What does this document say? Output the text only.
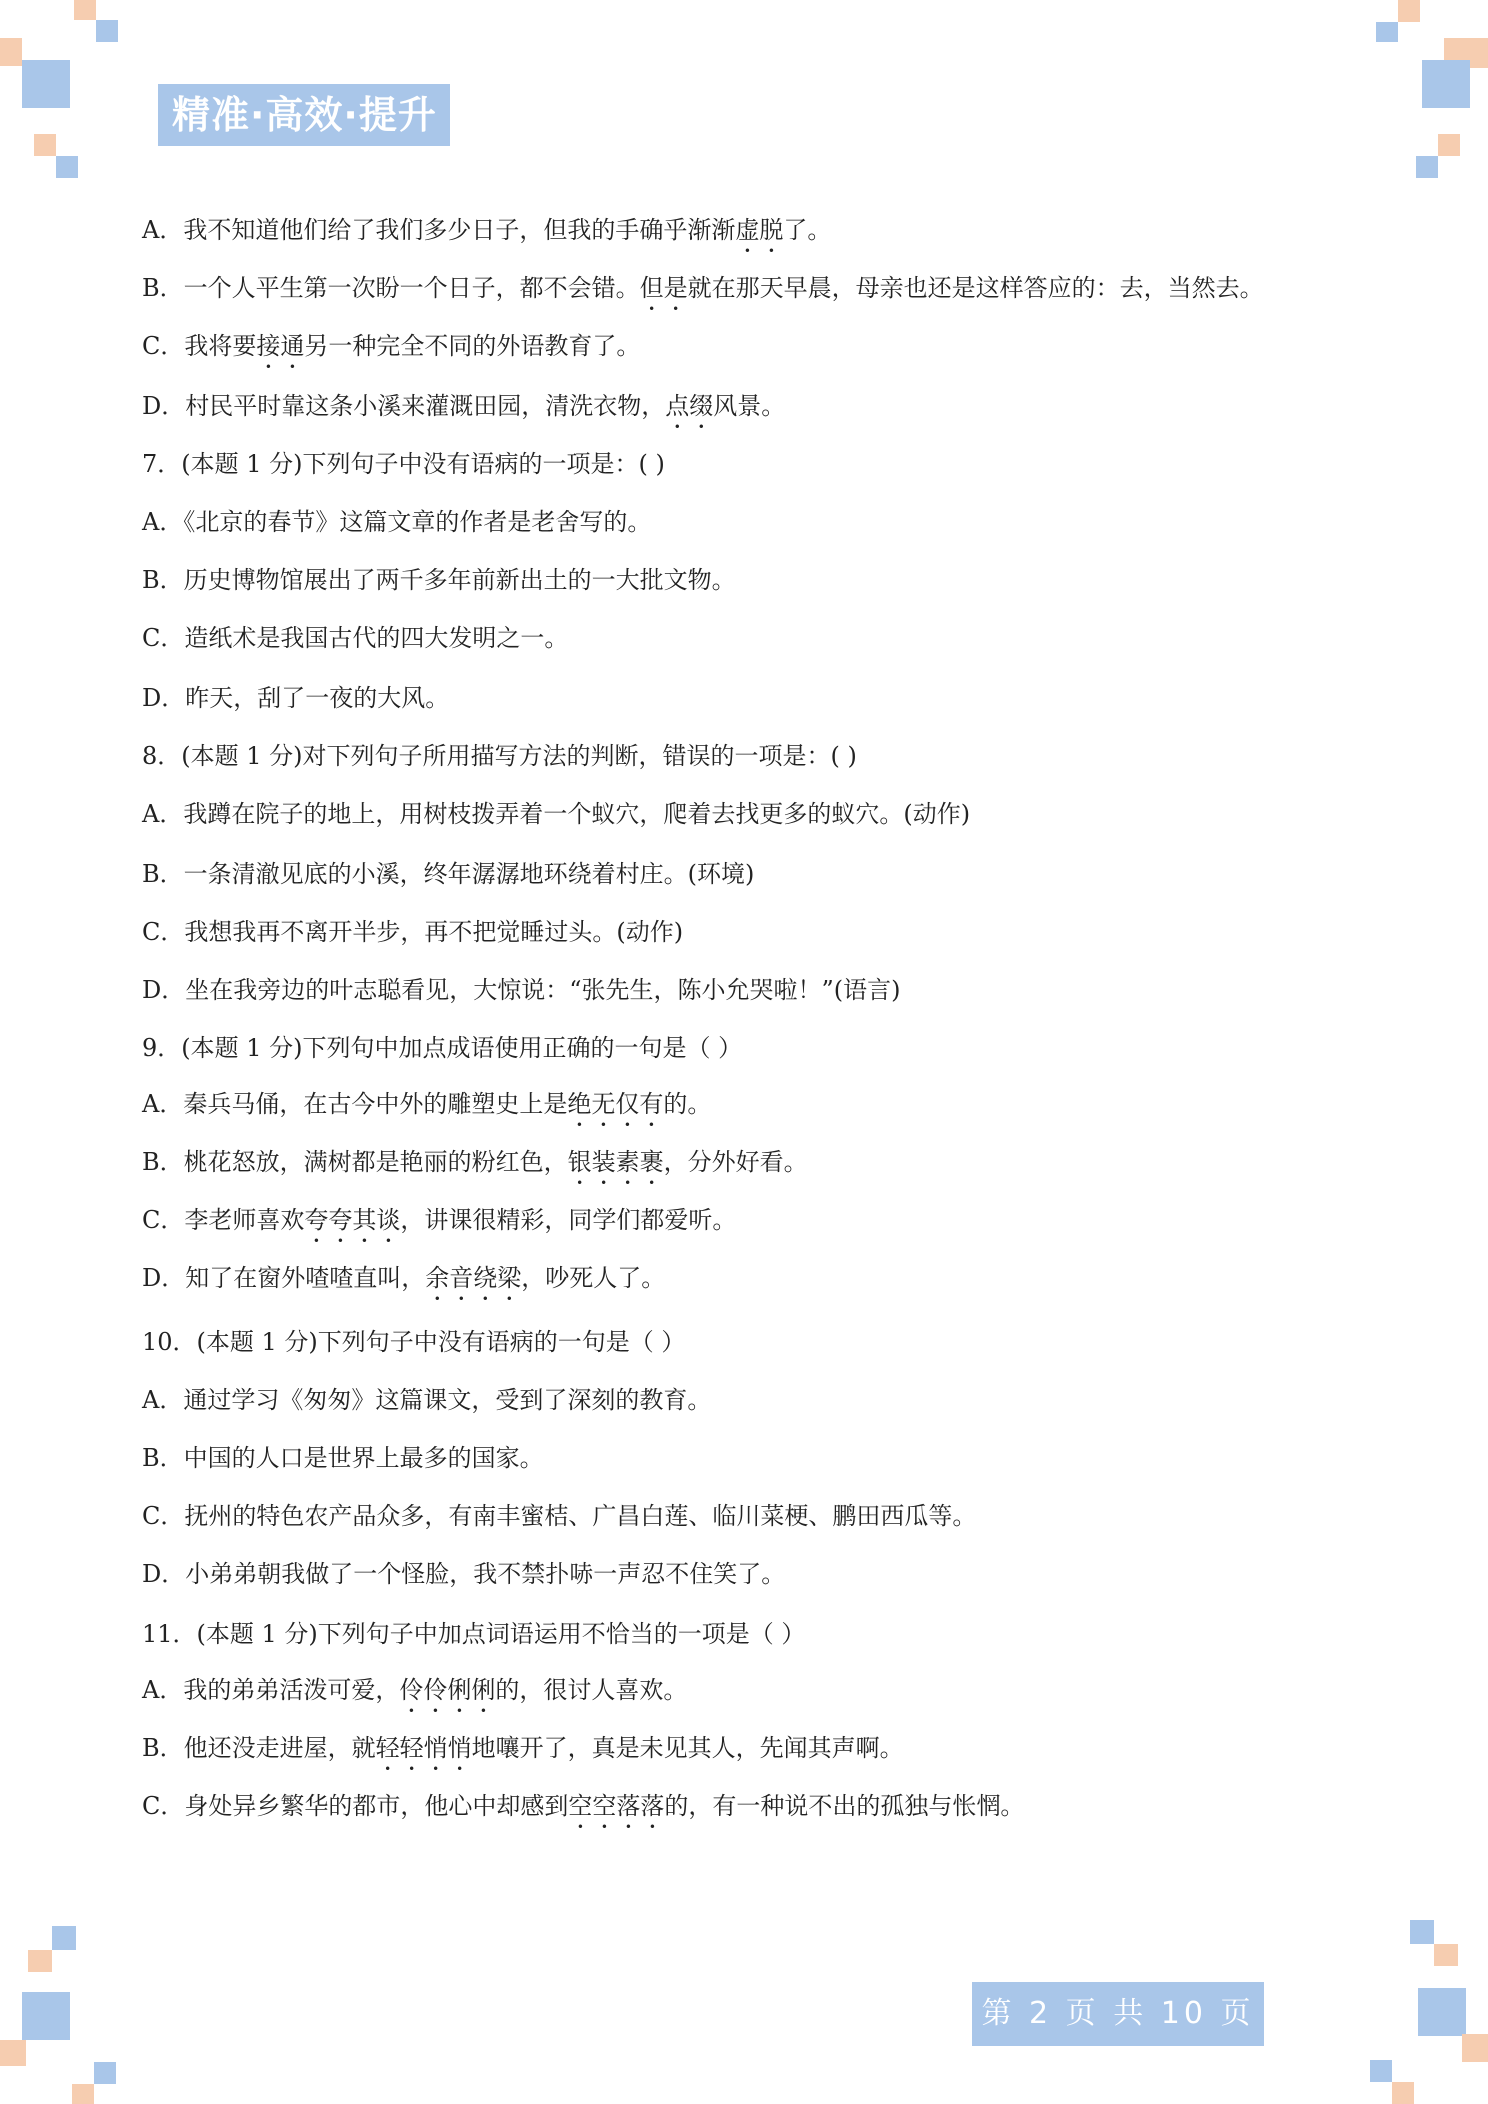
精准·高效·提升
A．我不知道他们给了我们多少日子，但我的手确乎渐渐虚脱了。
B．一个人平生第一次盼一个日子，都不会错。但是就在那天早晨，母亲也还是这样答应的：去，当然去。
C．我将要接通另一种完全不同的外语教育了。
D．村民平时靠这条小溪来灌溉田园，清洗衣物，点缀风景。
7．(本题 1 分)下列句子中没有语病的一项是：( )
A．《北京的春节》这篇文章的作者是老舍写的。
B．历史博物馆展出了两千多年前新出土的一大批文物。
C．造纸术是我国古代的四大发明之一。
D．昨天，刮了一夜的大风。
8．(本题 1 分)对下列句子所用描写方法的判断，错误的一项是：( )
A．我蹲在院子的地上，用树枝拨弄着一个蚁穴，爬着去找更多的蚁穴。(动作)
B．一条清澈见底的小溪，终年潺潺地环绕着村庄。(环境)
C．我想我再不离开半步，再不把觉睡过头。(动作)
D．坐在我旁边的叶志聪看见，大惊说：“张先生，陈小允哭啦！”(语言)
9．(本题 1 分)下列句中加点成语使用正确的一句是（ ）
A．秦兵马俑，在古今中外的雕塑史上是绝无仅有的。
B．桃花怒放，满树都是艳丽的粉红色，银装素裹，分外好看。
C．李老师喜欢夸夸其谈，讲课很精彩，同学们都爱听。
D．知了在窗外喳喳直叫，余音绕梁，吵死人了。
10．(本题 1 分)下列句子中没有语病的一句是（ ）
A．通过学习《匆匆》这篇课文，受到了深刻的教育。
B．中国的人口是世界上最多的国家。
C．抚州的特色农产品众多，有南丰蜜桔、广昌白莲、临川菜梗、鹏田西瓜等。
D．小弟弟朝我做了一个怪脸，我不禁扑哧一声忍不住笑了。
11．(本题 1 分)下列句子中加点词语运用不恰当的一项是（ ）
A．我的弟弟活泼可爱，伶伶俐俐的，很讨人喜欢。
B．他还没走进屋，就轻轻悄悄地嚷开了，真是未见其人，先闻其声啊。
C．身处异乡繁华的都市，他心中却感到空空落落的，有一种说不出的孤独与怅惘。
第 2 页 共 10 页
